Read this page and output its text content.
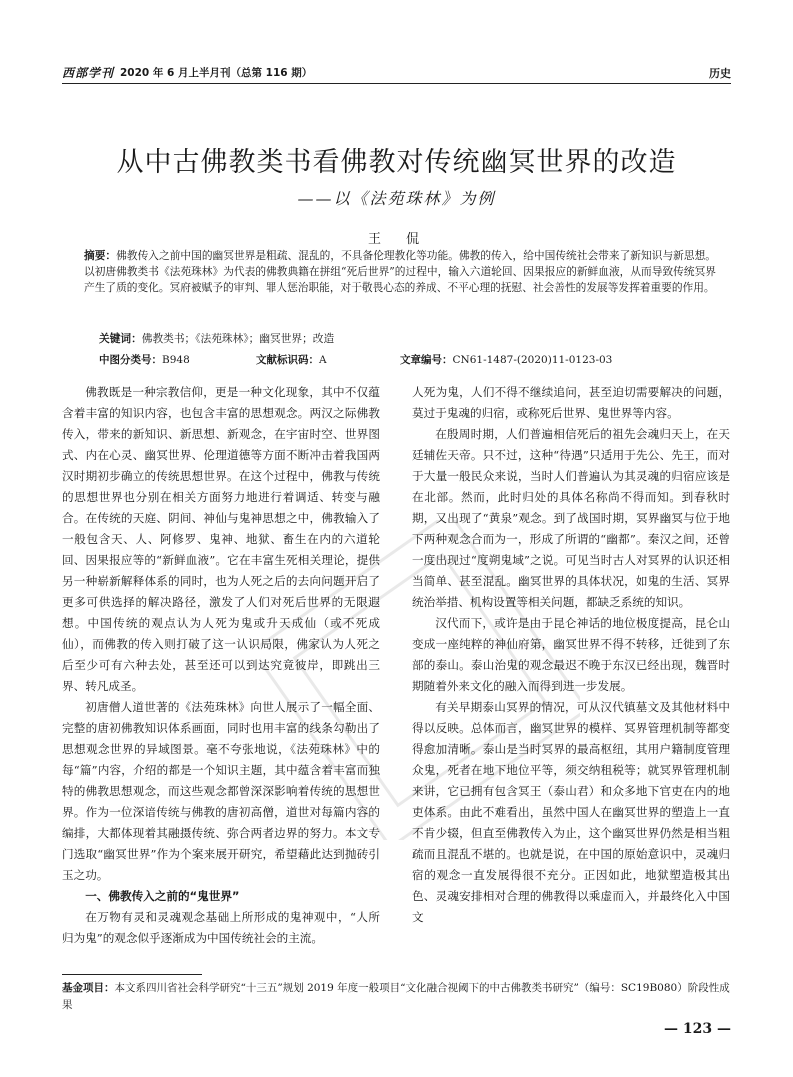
西部学刊 2020 年 6 月上半月刊（总第 116 期）	历史
从中古佛教类书看佛教对传统幽冥世界的改造
——以《法苑珠林》为例
王　侃
摘要：佛教传入之前中国的幽冥世界是粗疏、混乱的，不具备伦理教化等功能。佛教的传入，给中国传统社会带来了新知识与新思想。以初唐佛教类书《法苑珠林》为代表的佛教典籍在拼组“死后世界”的过程中，输入六道轮回、因果报应的新鲜血液，从而导致传统冥界产生了质的变化。冥府被赋予的审判、罪人惩治职能，对于敬畏心态的养成、不平心理的抚慰、社会善性的发展等发挥着重要的作用。
关键词：佛教类书；《法苑珠林》；幽冥世界；改造
中图分类号：B948	文献标识码：A	文章编号：CN61-1487-(2020)11-0123-03

佛教既是一种宗教信仰，更是一种文化现象，其中不仅蕴含着丰富的知识内容，也包含丰富的思想观念。两汉之际佛教传入，带来的新知识、新思想、新观念，在宇宙时空、世界图式、内在心灵、幽冥世界、伦理道德等方面不断冲击着我国两汉时期初步确立的传统思想世界。在这个过程中，佛教与传统的思想世界也分别在相关方面努力地进行着调适、转变与融合。在传统的天庭、阴间、神仙与鬼神思想之中，佛教输入了一般包含天、人、阿修罗、鬼神、地狱、畜生在内的六道轮回、因果报应等的“新鲜血液”。它在丰富生死相关理论，提供另一种崭新解释体系的同时，也为人死之后的去向问题开启了更多可供选择的解决路径，激发了人们对死后世界的无限遐想。中国传统的观点认为人死为鬼或升天成仙（或不死成仙），而佛教的传入则打破了这一认识局限，佛家认为人死之后至少可有六种去处，甚至还可以到达究竟彼岸，即跳出三界、转凡成圣。

初唐僧人道世著的《法苑珠林》向世人展示了一幅全面、完整的唐初佛教知识体系画面，同时也用丰富的线条勾勒出了思想观念世界的异域图景。毫不夸张地说，《法苑珠林》中的每“篇”内容，介绍的都是一个知识主题，其中蕴含着丰富而独特的佛教思想观念，而这些观念都曾深深影响着传统的思想世界。作为一位深谙传统与佛教的唐初高僧，道世对每篇内容的编排，大都体现着其融摄传统、弥合两者边界的努力。本文专门选取“幽冥世界”作为个案来展开研究，希望藉此达到抛砖引玉之功。

一、佛教传入之前的“鬼世界”

在万物有灵和灵魂观念基础上所形成的鬼神观中，“人所归为鬼”的观念似乎逐渐成为中国传统社会的主流。

人死为鬼，人们不得不继续追问，甚至迫切需要解决的问题，莫过于鬼魂的归宿，或称死后世界、鬼世界等内容。

在殷周时期，人们普遍相信死后的祖先会魂归天上，在天廷辅佐天帝。只不过，这种“待遇”只适用于先公、先王，而对于大量一般民众来说，当时人们普遍认为其灵魂的归宿应该是在北部。然而，此时归处的具体名称尚不得而知。到春秋时期，又出现了“黄泉”观念。到了战国时期，冥界幽冥与位于地下两种观念合而为一，形成了所谓的“幽都”。秦汉之间，还曾一度出现过“度朔鬼域”之说。可见当时古人对冥界的认识还相当简单、甚至混乱。幽冥世界的具体状况，如鬼的生活、冥界统治举措、机构设置等相关问题，都缺乏系统的知识。

汉代而下，或许是由于昆仑神话的地位极度提高，昆仑山变成一座纯粹的神仙府第，幽冥世界不得不转移，迁徙到了东部的泰山。泰山治鬼的观念最迟不晚于东汉已经出现，魏晋时期随着外来文化的融入而得到进一步发展。

有关早期泰山冥界的情况，可从汉代镇墓文及其他材料中得以反映。总体而言，幽冥世界的模样、冥界管理机制等都变得愈加清晰。泰山是当时冥界的最高枢纽，其用户籍制度管理众鬼，死者在地下地位平等，须交纳租税等；就冥界管理机制来讲，它已拥有包含冥王（泰山君）和众多地下官吏在内的地吏体系。由此不难看出，虽然中国人在幽冥世界的塑造上一直不肯少辍，但直至佛教传入为止，这个幽冥世界仍然是相当粗疏而且混乱不堪的。也就是说，在中国的原始意识中，灵魂归宿的观念一直发展得很不充分。正因如此，地狱塑造极其出色、灵魂安排相对合理的佛教得以乘虚而入，并最终化入中国文

基金项目：本文系四川省社会科学研究“十三五”规划 2019 年度一般项目“文化融合视阈下的中古佛教类书研究”（编号：SC19B080）阶段性成果
— 123 —
